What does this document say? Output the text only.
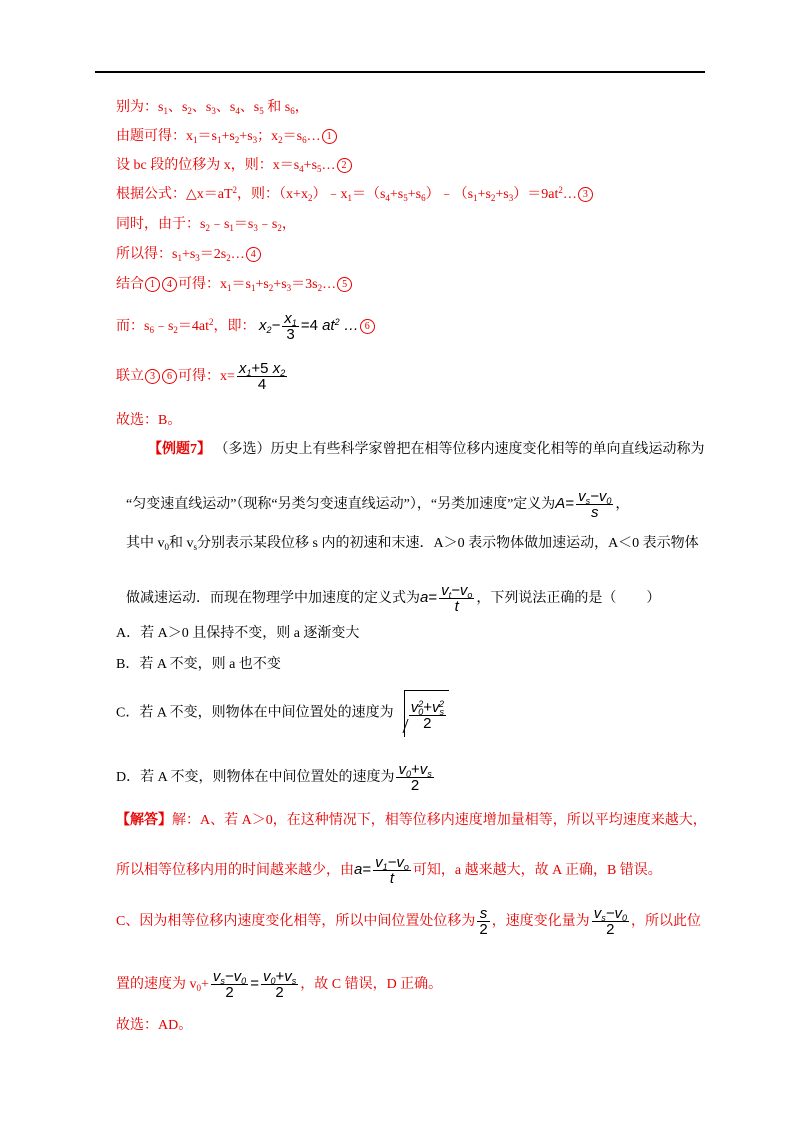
别为：$s_1$、$s_2$、$s_3$、$s_4$、$s_5$ 和 $s_6$，
由题可得：$x_1=s_1+s_2+s_3$；$x_2=s_6\dots$ 1
设 bc 段的位移为 x，则：$x=s_4+s_5\dots$ 2
根据公式：$\triangle x=aT^2$，则：$(x+x_2)﹣x_1=(s_4+s_5+s_6)﹣(s_1+s_2+s_3)=9at^2\dots$ 3
同时，由于：$s_2﹣s_1=s_3﹣s_2$，
所以得：$s_1+s_3=2s_2\dots$ 4
结合 1 4 可得：$x_1=s_1+s_2+s_3=3s_2\dots$ 5
而：$s_6﹣s_2=4at^2$，即： $x_2- \frac{x_1}{3} =4$ $at^2$ … 6
联立 3 6 可得：$x= \frac{x_1+5 x_2}{4}$
故选：B。
【例题7】 （多选）历史上有些科学家曾把在相等位移内速度变化相等的单向直线运动称为
“匀变速直线运动”（现称“另类匀变速直线运动”），“另类加速度”定义为$A= \frac{v_s-v_0}{s}$ ，
其中 $v_0$和 $v_s$分别表示某段位移 s 内的初速和末速．A＞0 表示物体做加速运动，A＜0 表示物体
做减速运动．而现在物理学中加速度的定义式为$a= \frac{v_t-v_o}{t}$ ，下列说法正确的是（ ）
A．若 A＞0 且保持不变，则 a 逐渐变大
B．若 A 不变，则 a 也不变
C．若 A 不变，则物体在中间位置处的速度为 $\frac{v_0^2+v_s^2}{2}$
D．若 A 不变，则物体在中间位置处的速度为 $\frac{v_0+v_s}{2}$
【解答】解：A、若 A＞0，在这种情况下，相等位移内速度增加量相等，所以平均速度来越大，
所以相等位移内用的时间越来越少，由$a= \frac{v_1-v_o}{t}$ 可知，a 越来越大，故 A 正确，B 错误。
C、因为相等位移内速度变化相等，所以中间位置处位移为 $\frac{s}{2}$ ，速度变化量为 $\frac{v_s-v_0}{2}$ ，所以此位
置的速度为 $v_0+ \frac{v_s-v_0}{2} = \frac{v_0+v_s}{2}$ ，故 C 错误，D 正确。
故选：AD。
